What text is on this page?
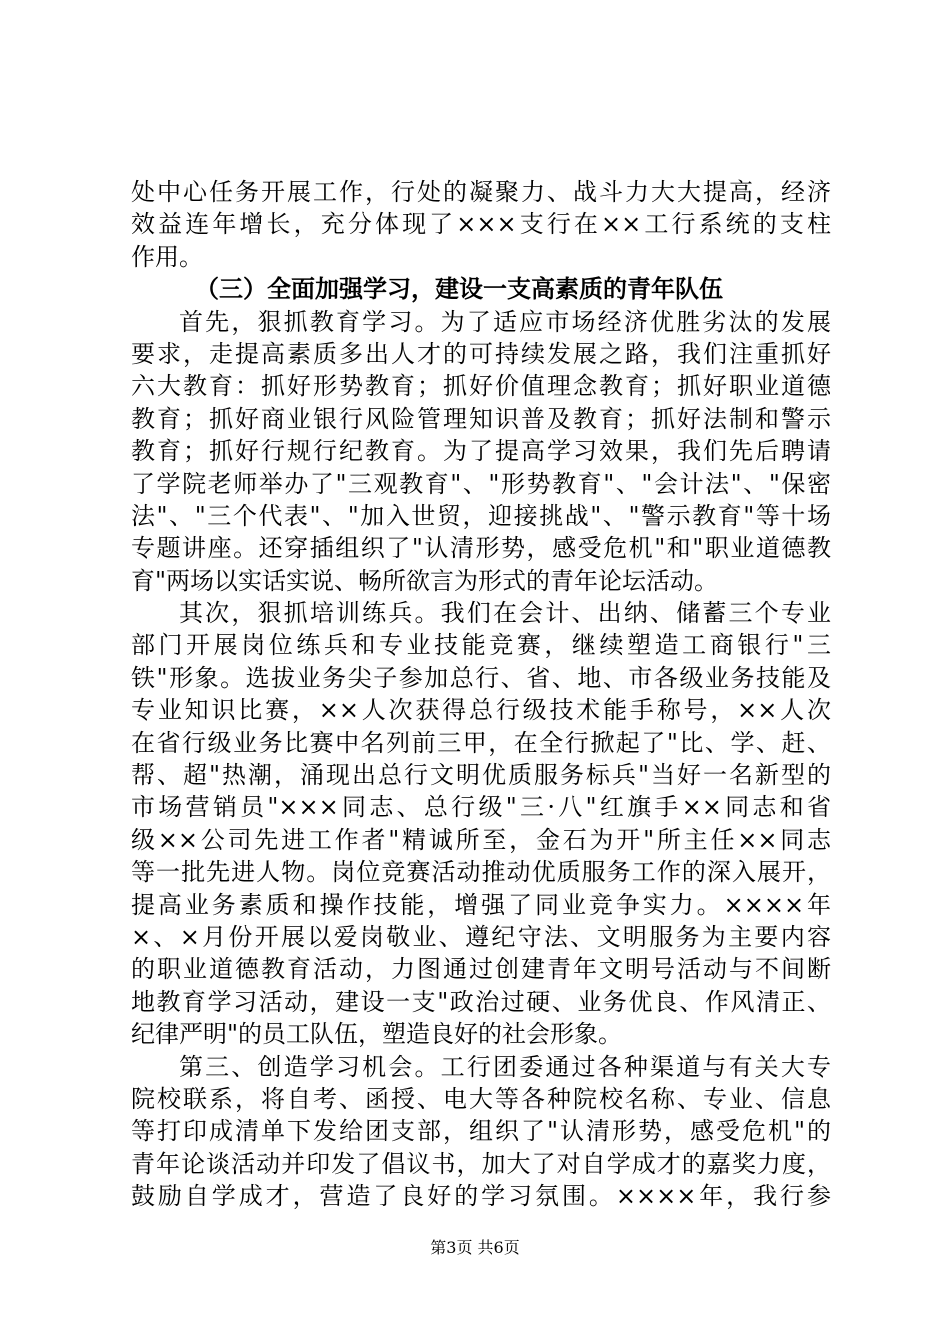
处中心任务开展工作，行处的凝聚力、战斗力大大提高，经济
效益连年增长，充分体现了×××支行在××工行系统的支柱
作用。
（三）全面加强学习，建设一支高素质的青年队伍
首先，狠抓教育学习。为了适应市场经济优胜劣汰的发展
要求，走提高素质多出人才的可持续发展之路，我们注重抓好
六大教育：抓好形势教育；抓好价值理念教育；抓好职业道德
教育；抓好商业银行风险管理知识普及教育；抓好法制和警示
教育；抓好行规行纪教育。为了提高学习效果，我们先后聘请
了学院老师举办了"三观教育"、"形势教育"、"会计法"、"保密
法"、"三个代表"、"加入世贸，迎接挑战"、"警示教育"等十场
专题讲座。还穿插组织了"认清形势，感受危机"和"职业道德教
育"两场以实话实说、畅所欲言为形式的青年论坛活动。
其次，狠抓培训练兵。我们在会计、出纳、储蓄三个专业
部门开展岗位练兵和专业技能竞赛，继续塑造工商银行"三
铁"形象。选拔业务尖子参加总行、省、地、市各级业务技能及
专业知识比赛，××人次获得总行级技术能手称号，××人次
在省行级业务比赛中名列前三甲，在全行掀起了"比、学、赶、
帮、超"热潮，涌现出总行文明优质服务标兵"当好一名新型的
市场营销员"×××同志、总行级"三·八"红旗手××同志和省
级××公司先进工作者"精诚所至，金石为开"所主任××同志
等一批先进人物。岗位竞赛活动推动优质服务工作的深入展开，
提高业务素质和操作技能，增强了同业竞争实力。××××年
×、×月份开展以爱岗敬业、遵纪守法、文明服务为主要内容
的职业道德教育活动，力图通过创建青年文明号活动与不间断
地教育学习活动，建设一支"政治过硬、业务优良、作风清正、
纪律严明"的员工队伍，塑造良好的社会形象。
第三、创造学习机会。工行团委通过各种渠道与有关大专
院校联系，将自考、函授、电大等各种院校名称、专业、信息
等打印成清单下发给团支部，组织了"认清形势，感受危机"的
青年论谈活动并印发了倡议书，加大了对自学成才的嘉奖力度，
鼓励自学成才，营造了良好的学习氛围。××××年，我行参
第3页 共6页
